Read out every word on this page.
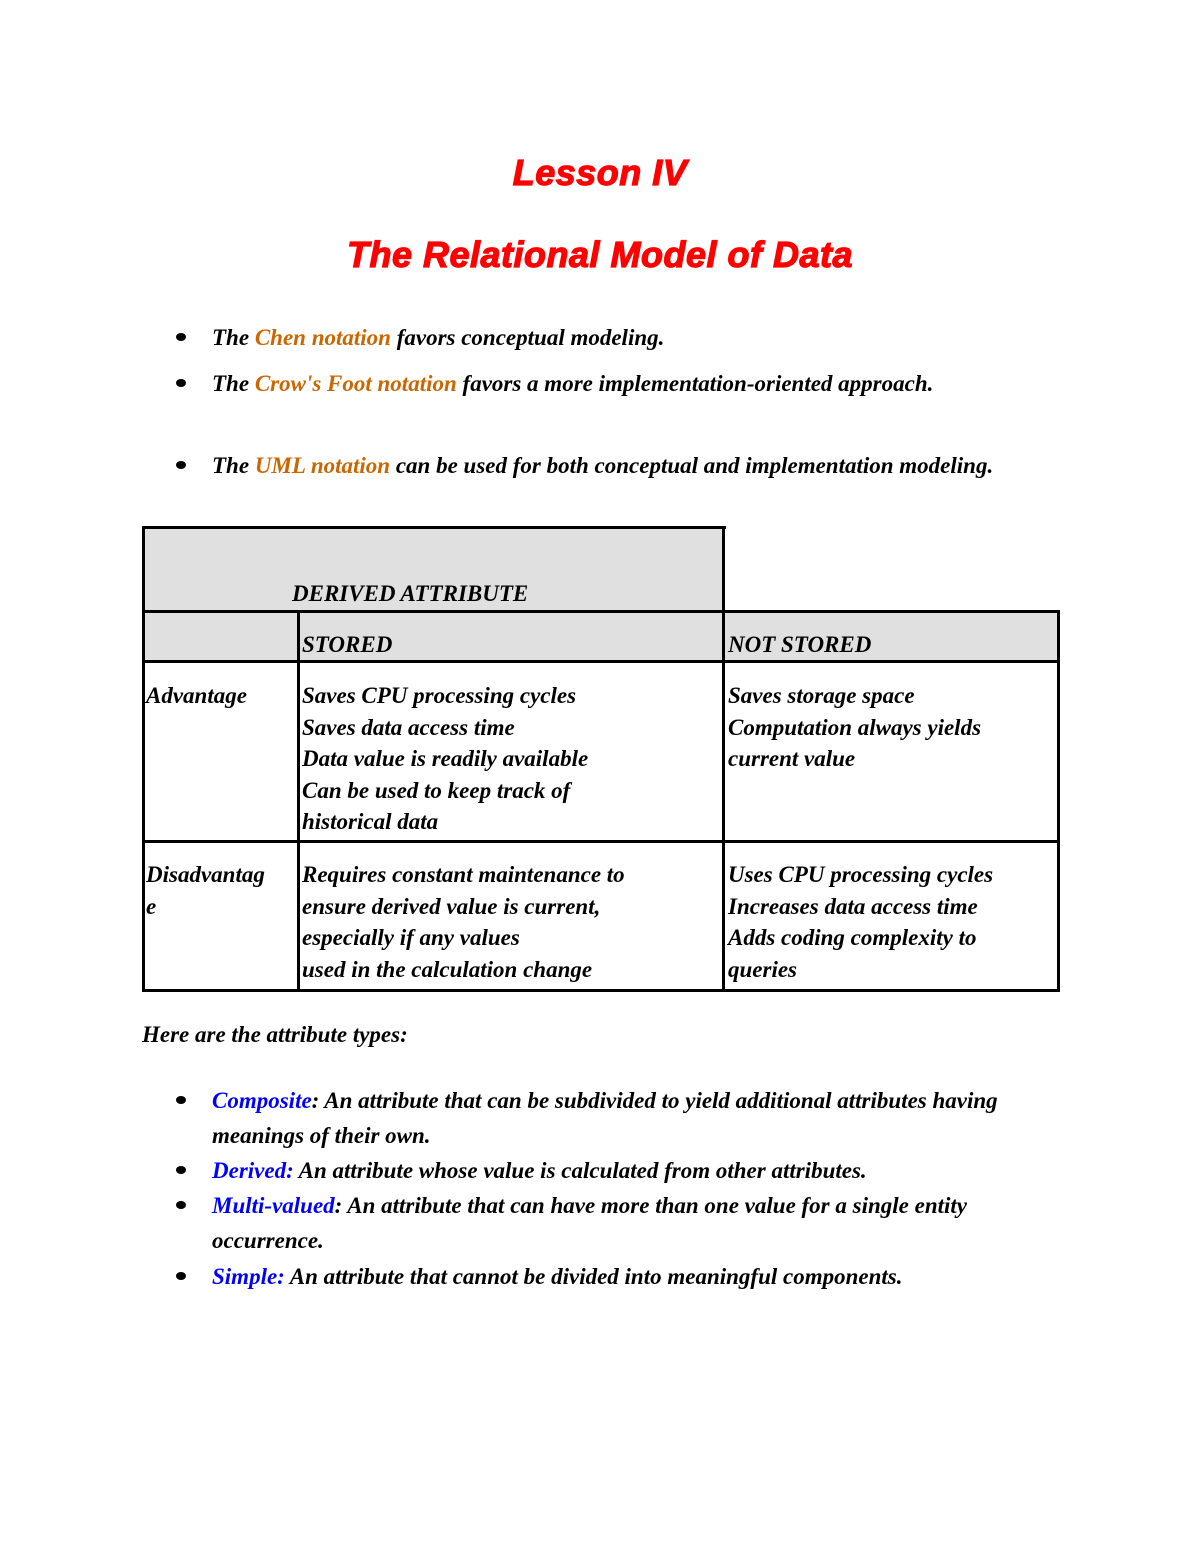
Lesson IV
The Relational Model of Data
The Chen notation favors conceptual modeling.
The Crow's Foot notation favors a more implementation-oriented approach.
The UML notation can be used for both conceptual and implementation modeling.
DERIVED ATTRIBUTE
STORED	NOT STORED
Advantage Saves CPU processing cycles
Saves data access time
Data value is readily available
Can be used to keep track of
historical data
Saves storage space
Computation always yields
current value
Disadvantag
e
Requires constant maintenance to
ensure derived value is current,
especially if any values
used in the calculation change
Uses CPU processing cycles
Increases data access time
Adds coding complexity to
queries
Here are the attribute types:
Composite: An attribute that can be subdivided to yield additional attributes having meanings of their own.
Derived: An attribute whose value is calculated from other attributes.
Multi-valued: An attribute that can have more than one value for a single entity occurrence.
Simple: An attribute that cannot be divided into meaningful components.
